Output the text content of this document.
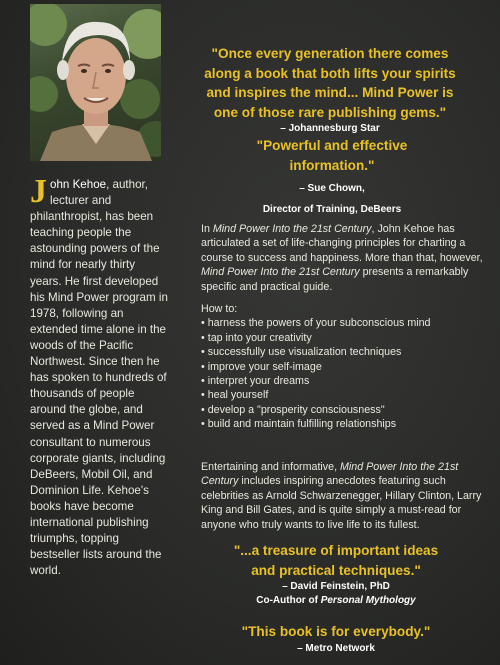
John Kehoe, author, lecturer and philanthropist, has been teaching people the astounding powers of the mind for nearly thirty years. He first developed his Mind Power program in 1978, following an extended time alone in the woods of the Pacific Northwest. Since then he has spoken to hundreds of thousands of people around the globe, and served as a Mind Power consultant to numerous corporate giants, including DeBeers, Mobil Oil, and Dominion Life. Kehoe's books have become international publishing triumphs, topping bestseller lists around the world.

"Once every generation there comes along a book that both lifts your spirits and inspires the mind... Mind Power is one of those rare publishing gems."
– Johannesburg Star
"Powerful and effective information."
– Sue Chown,
Director of Training, DeBeers

In Mind Power Into the 21st Century, John Kehoe has articulated a set of life-changing principles for charting a course to success and happiness. More than that, however, Mind Power Into the 21st Century presents a remarkably specific and practical guide.

How to:
• harness the powers of your subconscious mind
• tap into your creativity
• successfully use visualization techniques
• improve your self-image
• interpret your dreams
• heal yourself
• develop a "prosperity consciousness"
• build and maintain fulfilling relationships

Entertaining and informative, Mind Power Into the 21st Century includes inspiring anecdotes featuring such celebrities as Arnold Schwarzenegger, Hillary Clinton, Larry King and Bill Gates, and is quite simply a must-read for anyone who truly wants to live life to its fullest.

"...a treasure of important ideas and practical techniques."
– David Feinstein, PhD
Co-Author of Personal Mythology
"This book is for everybody."
– Metro Network
